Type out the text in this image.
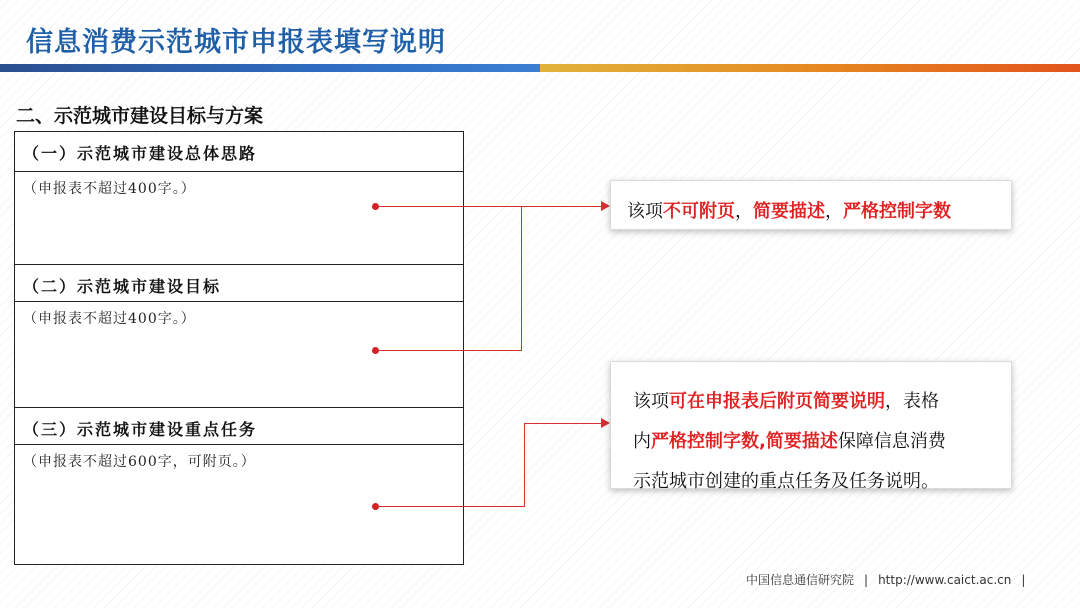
信息消费示范城市申报表填写说明
二、示范城市建设目标与方案
（一）示范城市建设总体思路
（申报表不超过400字。）
（二）示范城市建设目标
（申报表不超过400字。）
（三）示范城市建设重点任务
（申报表不超过600字，可附页。）
该项不可附页，简要描述，严格控制字数
该项可在申报表后附页简要说明，表格
内严格控制字数,简要描述保障信息消费
示范城市创建的重点任务及任务说明。
中国信息通信研究院 | http://www.caict.ac.cn |
